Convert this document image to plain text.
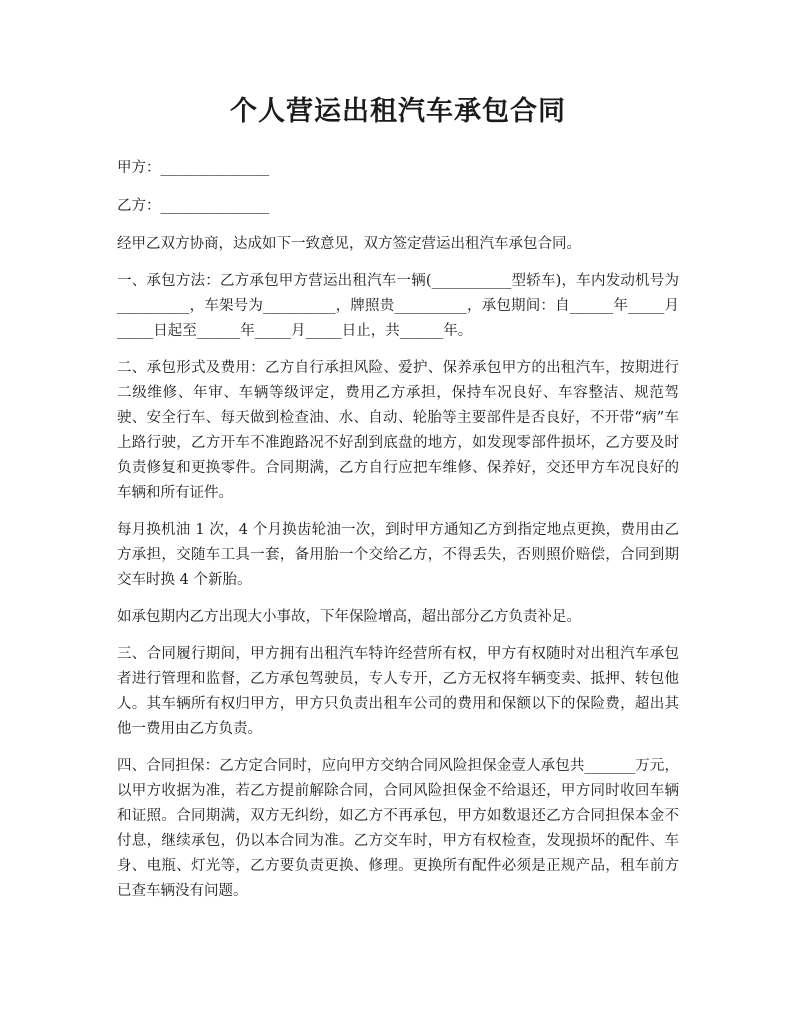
个人营运出租汽车承包合同

甲方：_______________

乙方：_______________

经甲乙双方协商，达成如下一致意见，双方签定营运出租汽车承包合同。

一、承包方法：乙方承包甲方营运出租汽车一辆(___________型轿车)，车内发动机号为__________，车架号为__________，牌照贵__________，承包期间：自______年_____月_____日起至______年_____月_____日止，共______年。

二、承包形式及费用：乙方自行承担风险、爱护、保养承包甲方的出租汽车，按期进行二级维修、年审、车辆等级评定，费用乙方承担，保持车况良好、车容整洁、规范驾驶、安全行车、每天做到检查油、水、自动、轮胎等主要部件是否良好，不开带“病”车上路行驶，乙方开车不准跑路况不好刮到底盘的地方，如发现零部件损坏，乙方要及时负责修复和更换零件。合同期满，乙方自行应把车维修、保养好，交还甲方车况良好的车辆和所有证件。

每月换机油 1 次，4 个月换齿轮油一次，到时甲方通知乙方到指定地点更换，费用由乙方承担，交随车工具一套，备用胎一个交给乙方，不得丢失，否则照价赔偿，合同到期交车时换 4 个新胎。

如承包期内乙方出现大小事故，下年保险增高，超出部分乙方负责补足。

三、合同履行期间，甲方拥有出租汽车特许经营所有权，甲方有权随时对出租汽车承包者进行管理和监督，乙方承包驾驶员，专人专开，乙方无权将车辆变卖、抵押、转包他人。其车辆所有权归甲方，甲方只负责出租车公司的费用和保额以下的保险费，超出其他一费用由乙方负责。

四、合同担保：乙方定合同时，应向甲方交纳合同风险担保金壹人承包共_______万元，以甲方收据为准，若乙方提前解除合同，合同风险担保金不给退还，甲方同时收回车辆和证照。合同期满，双方无纠纷，如乙方不再承包，甲方如数退还乙方合同担保本金不付息，继续承包，仍以本合同为准。乙方交车时，甲方有权检查，发现损坏的配件、车身、电瓶、灯光等，乙方要负责更换、修理。更换所有配件必须是正规产品，租车前方已查车辆没有问题。
